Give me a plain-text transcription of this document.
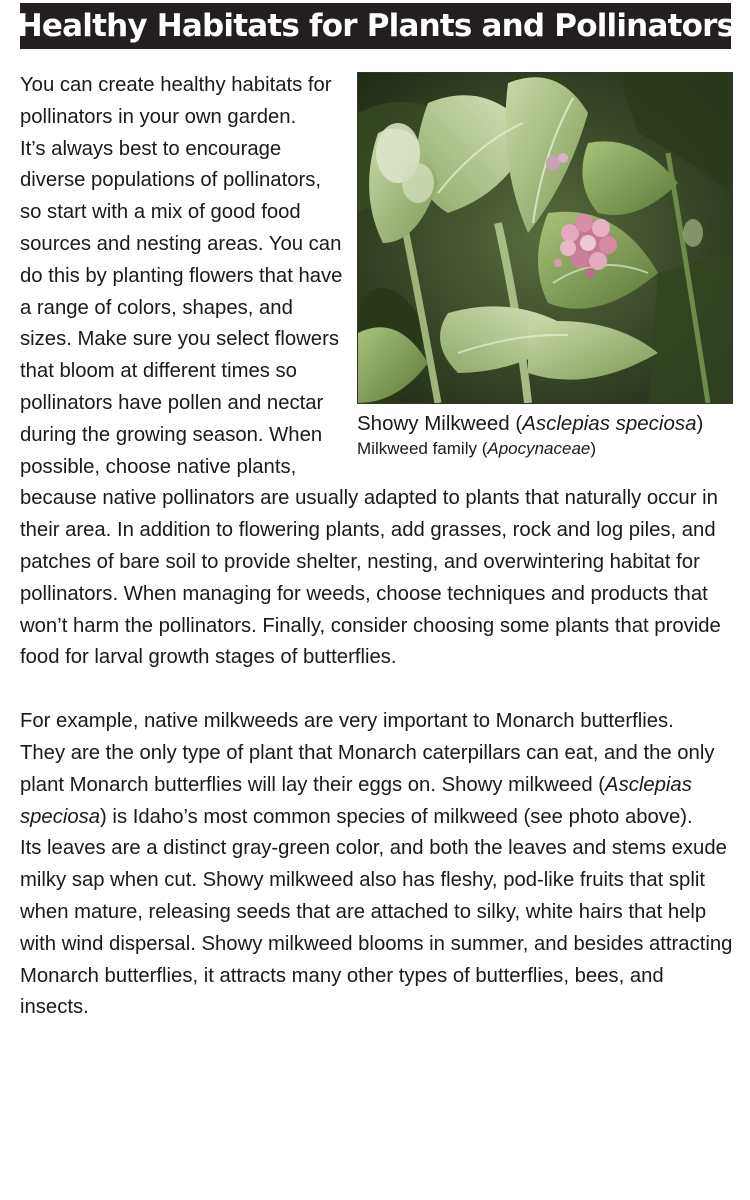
Healthy Habitats for Plants and Pollinators
Showy Milkweed (Asclepias speciosa)
Milkweed family (Apocynaceae)

You can create healthy habitats for pollinators in your own garden.
It’s always best to encourage diverse populations of pollinators, so start with a mix of good food sources and nesting areas. You can do this by planting flowers that have a range of colors, shapes, and sizes. Make sure you select flowers that bloom at different times so pollinators have pollen and nectar during the growing season. When possible, choose native plants, because native pollinators are usually adapted to plants that naturally occur in their area. In addition to flowering plants, add grasses, rock and log piles, and patches of bare soil to provide shelter, nesting, and overwintering habitat for pollinators. When managing for weeds, choose techniques and products that won’t harm the pollinators. Finally, consider choosing some plants that provide food for larval growth stages of butterflies.

For example, native milkweeds are very important to Monarch butterflies.
They are the only type of plant that Monarch caterpillars can eat, and the only plant Monarch butterflies will lay their eggs on. Showy milkweed (Asclepias speciosa) is Idaho’s most common species of milkweed (see photo above).
Its leaves are a distinct gray-green color, and both the leaves and stems exude milky sap when cut. Showy milkweed also has fleshy, pod-like fruits that split when mature, releasing seeds that are attached to silky, white hairs that help with wind dispersal. Showy milkweed blooms in summer, and besides attracting Monarch butterflies, it attracts many other types of butterflies, bees, and insects.
